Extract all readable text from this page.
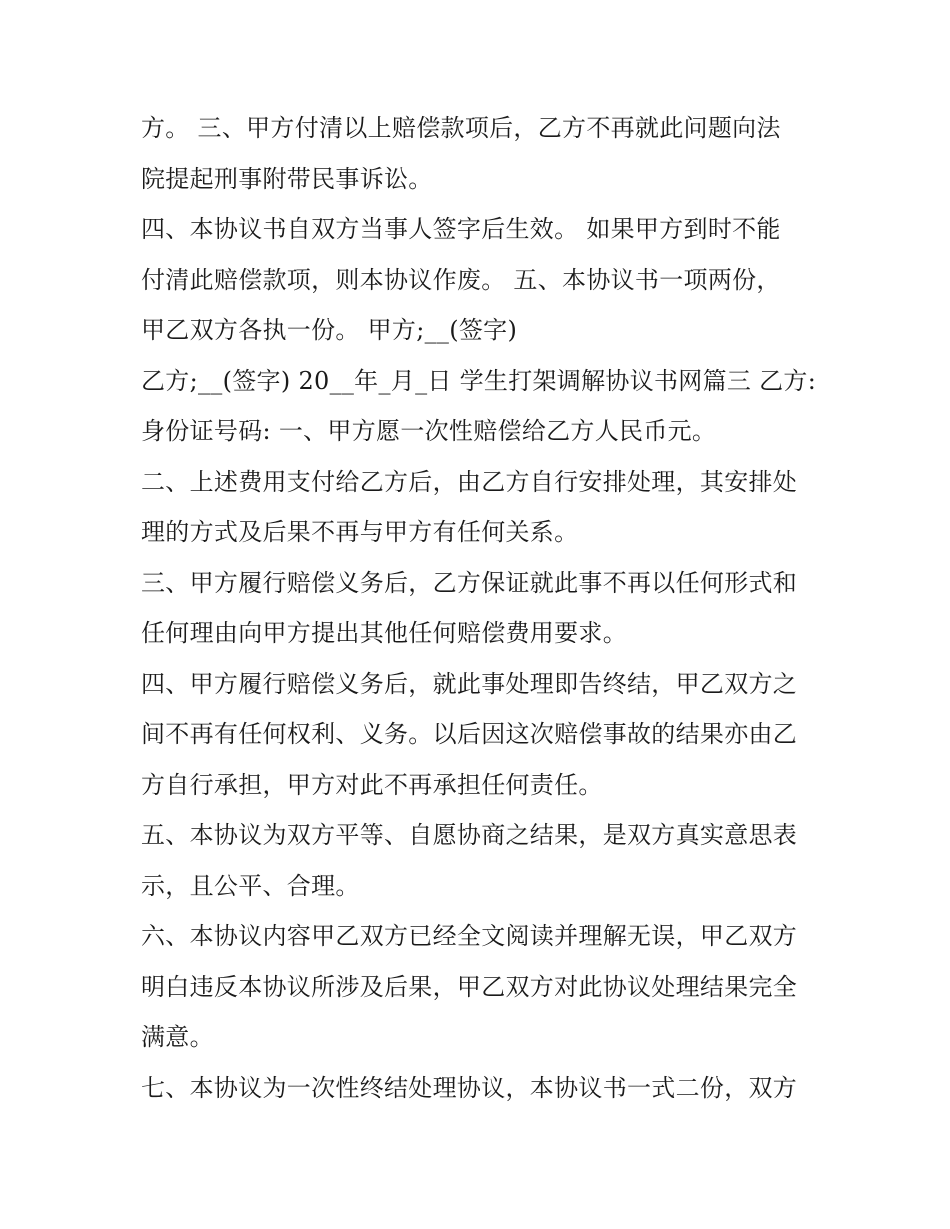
方。 三、甲方付清以上赔偿款项后，乙方不再就此问题向法
院提起刑事附带民事诉讼。
四、本协议书自双方当事人签字后生效。 如果甲方到时不能
付清此赔偿款项，则本协议作废。 五、本协议书一项两份，
甲乙双方各执一份。 甲方;__(签字)
乙方;__(签字) 20__年_月_日 学生打架调解协议书网篇三 乙方:
身份证号码: 一、甲方愿一次性赔偿给乙方人民币元。
二、上述费用支付给乙方后，由乙方自行安排处理，其安排处
理的方式及后果不再与甲方有任何关系。
三、甲方履行赔偿义务后，乙方保证就此事不再以任何形式和
任何理由向甲方提出其他任何赔偿费用要求。
四、甲方履行赔偿义务后，就此事处理即告终结，甲乙双方之
间不再有任何权利、义务。以后因这次赔偿事故的结果亦由乙
方自行承担，甲方对此不再承担任何责任。
五、本协议为双方平等、自愿协商之结果，是双方真实意思表
示，且公平、合理。
六、本协议内容甲乙双方已经全文阅读并理解无误，甲乙双方
明白违反本协议所涉及后果，甲乙双方对此协议处理结果完全
满意。
七、本协议为一次性终结处理协议，本协议书一式二份，双方
